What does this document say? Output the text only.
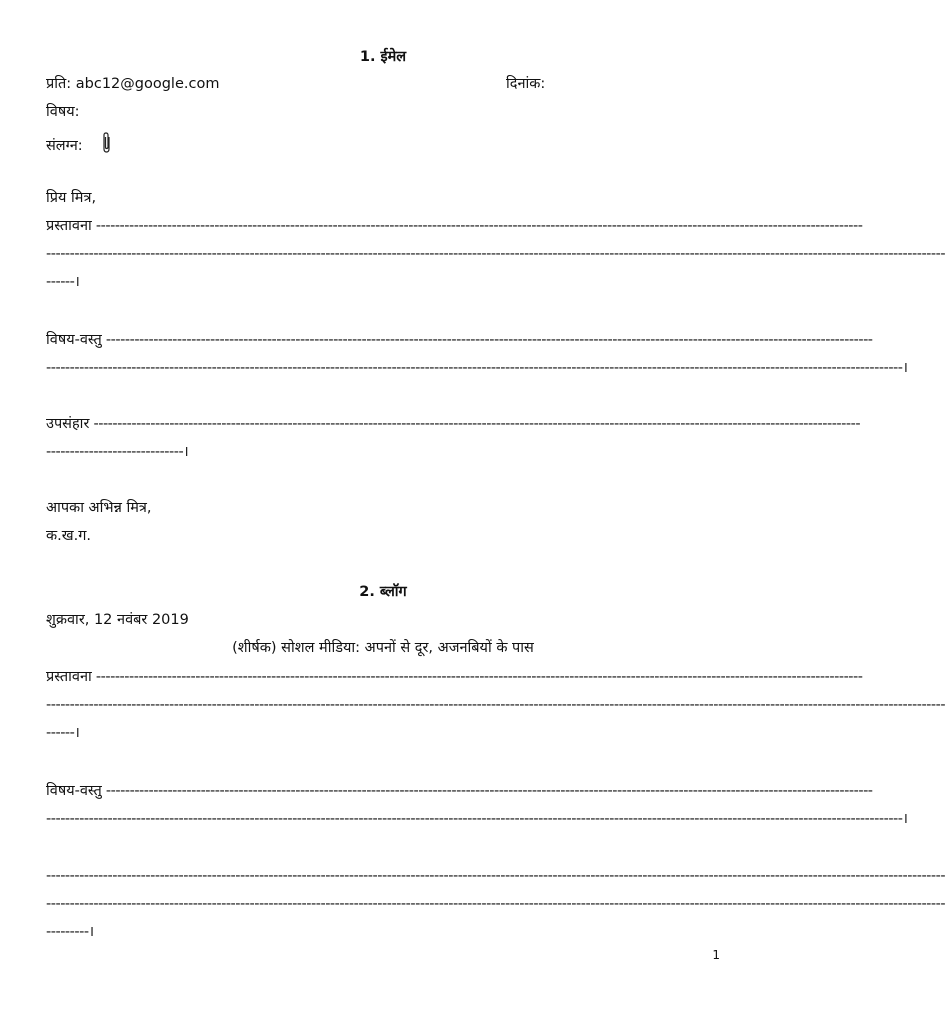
1. ईमेल
प्रति: abc12@google.com	दिनांक:
विषय:
संलग्न:
प्रिय मित्र,
प्रस्तावना ------------------------------------------------------------------------------------------------------------------------------------------------------------------
----------------------------------------------------------------------------------------------------------------------------------------------------------------------------------------------
------।
विषय-वस्तु ------------------------------------------------------------------------------------------------------------------------------------------------------------------
-------------------------------------------------------------------------------------------------------------------------------------------------------------------------------------।
उपसंहार ------------------------------------------------------------------------------------------------------------------------------------------------------------------
-----------------------------।
आपका अभिन्न मित्र,
क.ख.ग.
2. ब्लॉग
शुक्रवार, 12 नवंबर 2019
(शीर्षक) सोशल मीडिया: अपनों से दूर, अजनबियों के पास
प्रस्तावना ------------------------------------------------------------------------------------------------------------------------------------------------------------------
----------------------------------------------------------------------------------------------------------------------------------------------------------------------------------------------
------।
विषय-वस्तु ------------------------------------------------------------------------------------------------------------------------------------------------------------------
-------------------------------------------------------------------------------------------------------------------------------------------------------------------------------------।
----------------------------------------------------------------------------------------------------------------------------------------------------------------------------------------------
----------------------------------------------------------------------------------------------------------------------------------------------------------------------------------------------
---------।
1
